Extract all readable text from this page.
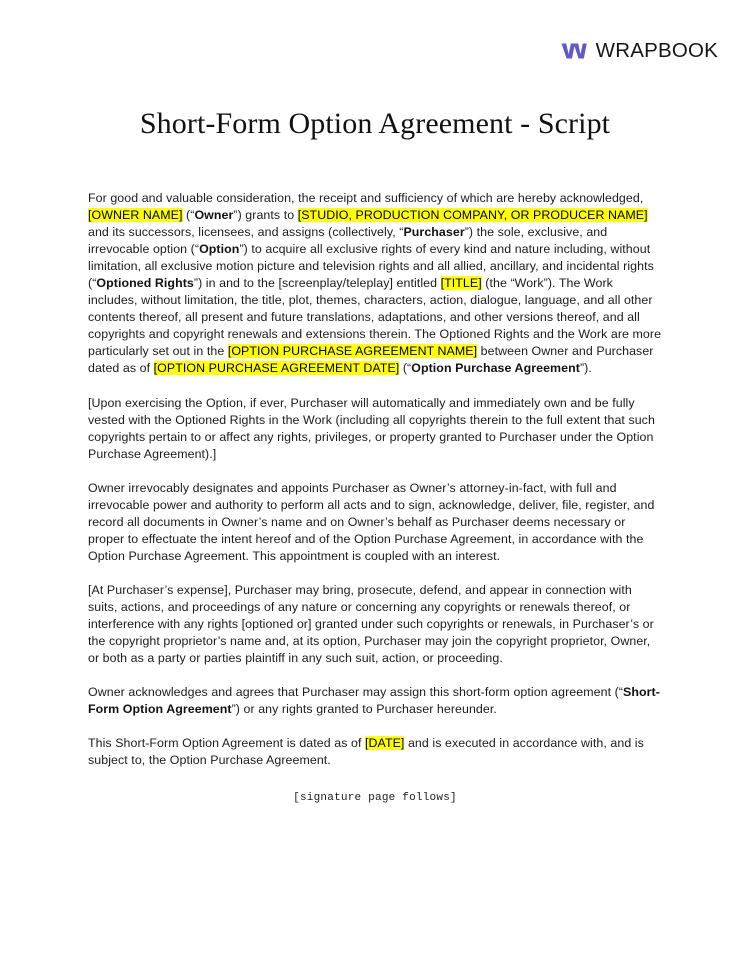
WRAPBOOK
Short-Form Option Agreement - Script

For good and valuable consideration, the receipt and sufficiency of which are hereby acknowledged, [OWNER NAME] (“Owner”) grants to [STUDIO, PRODUCTION COMPANY, OR PRODUCER NAME] and its successors, licensees, and assigns (collectively, “Purchaser”) the sole, exclusive, and irrevocable option (“Option”) to acquire all exclusive rights of every kind and nature including, without limitation, all exclusive motion picture and television rights and all allied, ancillary, and incidental rights (“Optioned Rights”) in and to the [screenplay/teleplay] entitled [TITLE] (the “Work”). The Work includes, without limitation, the title, plot, themes, characters, action, dialogue, language, and all other contents thereof, all present and future translations, adaptations, and other versions thereof, and all copyrights and copyright renewals and extensions therein. The Optioned Rights and the Work are more particularly set out in the [OPTION PURCHASE AGREEMENT NAME] between Owner and Purchaser dated as of [OPTION PURCHASE AGREEMENT DATE] (“Option Purchase Agreement”).

[Upon exercising the Option, if ever, Purchaser will automatically and immediately own and be fully vested with the Optioned Rights in the Work (including all copyrights therein to the full extent that such copyrights pertain to or affect any rights, privileges, or property granted to Purchaser under the Option Purchase Agreement).]

Owner irrevocably designates and appoints Purchaser as Owner’s attorney-in-fact, with full and irrevocable power and authority to perform all acts and to sign, acknowledge, deliver, file, register, and record all documents in Owner’s name and on Owner’s behalf as Purchaser deems necessary or proper to effectuate the intent hereof and of the Option Purchase Agreement, in accordance with the Option Purchase Agreement. This appointment is coupled with an interest.

[At Purchaser’s expense], Purchaser may bring, prosecute, defend, and appear in connection with suits, actions, and proceedings of any nature or concerning any copyrights or renewals thereof, or interference with any rights [optioned or] granted under such copyrights or renewals, in Purchaser’s or the copyright proprietor’s name and, at its option, Purchaser may join the copyright proprietor, Owner, or both as a party or parties plaintiff in any such suit, action, or proceeding.

Owner acknowledges and agrees that Purchaser may assign this short-form option agreement (“Short-Form Option Agreement”) or any rights granted to Purchaser hereunder.

This Short-Form Option Agreement is dated as of [DATE] and is executed in accordance with, and is subject to, the Option Purchase Agreement.

[signature page follows]
